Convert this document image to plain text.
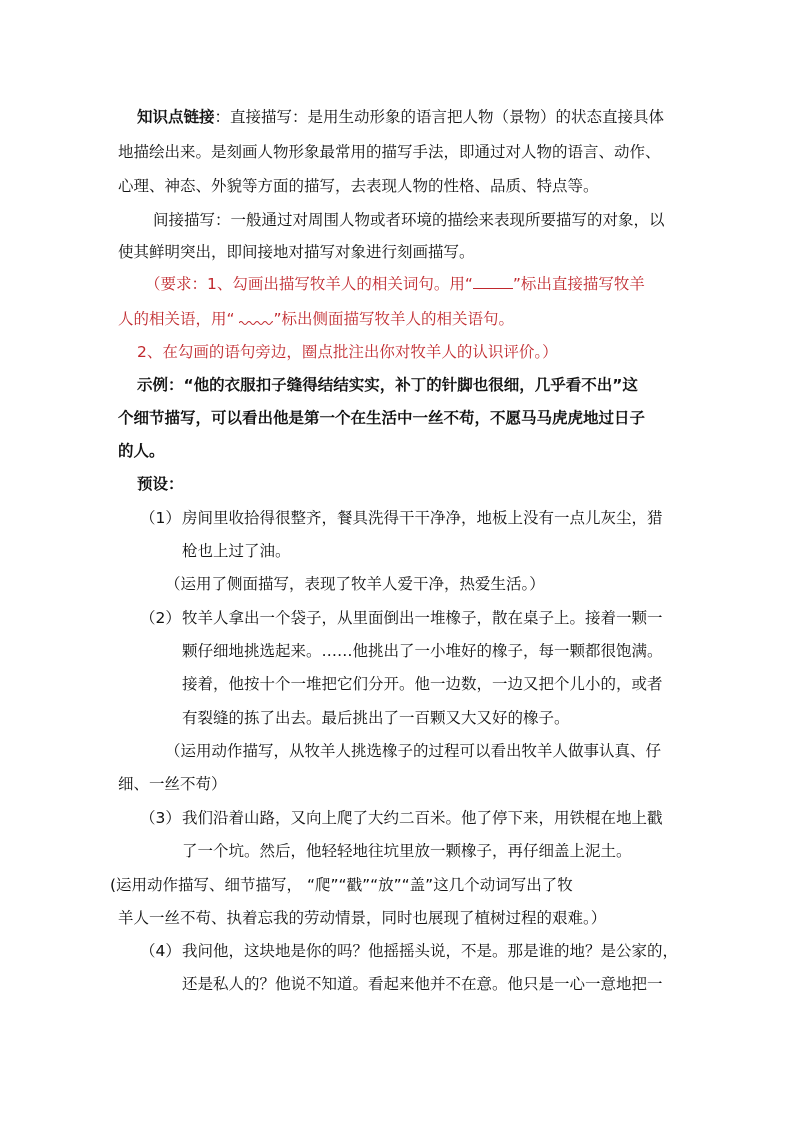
知识点链接：直接描写：是用生动形象的语言把人物（景物）的状态直接具体
地描绘出来。是刻画人物形象最常用的描写手法，即通过对人物的语言、动作、
心理、神态、外貌等方面的描写，去表现人物的性格、品质、特点等。
间接描写：一般通过对周围人物或者环境的描绘来表现所要描写的对象，以
使其鲜明突出，即间接地对描写对象进行刻画描写。
（要求：1、勾画出描写牧羊人的相关词句。用“	”标出直接描写牧羊
人的相关语，用“
”标出侧面描写牧羊人的相关语句。
2、在勾画的语句旁边，圈点批注出你对牧羊人的认识评价。）
示例：“他的衣服扣子缝得结结实实，补丁的针脚也很细，几乎看不出”这
个细节描写，可以看出他是第一个在生活中一丝不苟，不愿马马虎虎地过日子
的人。
预设：
（1） 房间里收拾得很整齐，餐具洗得干干净净，地板上没有一点儿灰尘，猎
枪也上过了油。
（运用了侧面描写，表现了牧羊人爱干净，热爱生活。）
（2） 牧羊人拿出一个袋子，从里面倒出一堆橡子，散在桌子上。接着一颗一
颗仔细地挑选起来。……他挑出了一小堆好的橡子，每一颗都很饱满。
接着，他按十个一堆把它们分开。他一边数，一边又把个儿小的，或者
有裂缝的拣了出去。最后挑出了一百颗又大又好的橡子。
（运用动作描写，从牧羊人挑选橡子的过程可以看出牧羊人做事认真、仔
细、一丝不苟）
（3） 我们沿着山路，又向上爬了大约二百米。他了停下来，用铁棍在地上戳
了一个坑。然后，他轻轻地往坑里放一颗橡子，再仔细盖上泥土。
(运用动作描写、细节描写， “爬”“戳”“放”“盖”这几个动词写出了牧
羊人一丝不苟、执着忘我的劳动情景，同时也展现了植树过程的艰难。）
（4） 我问他，这块地是你的吗？他摇摇头说，不是。那是谁的地？是公家的，
还是私人的？他说不知道。看起来他并不在意。他只是一心一意地把一
